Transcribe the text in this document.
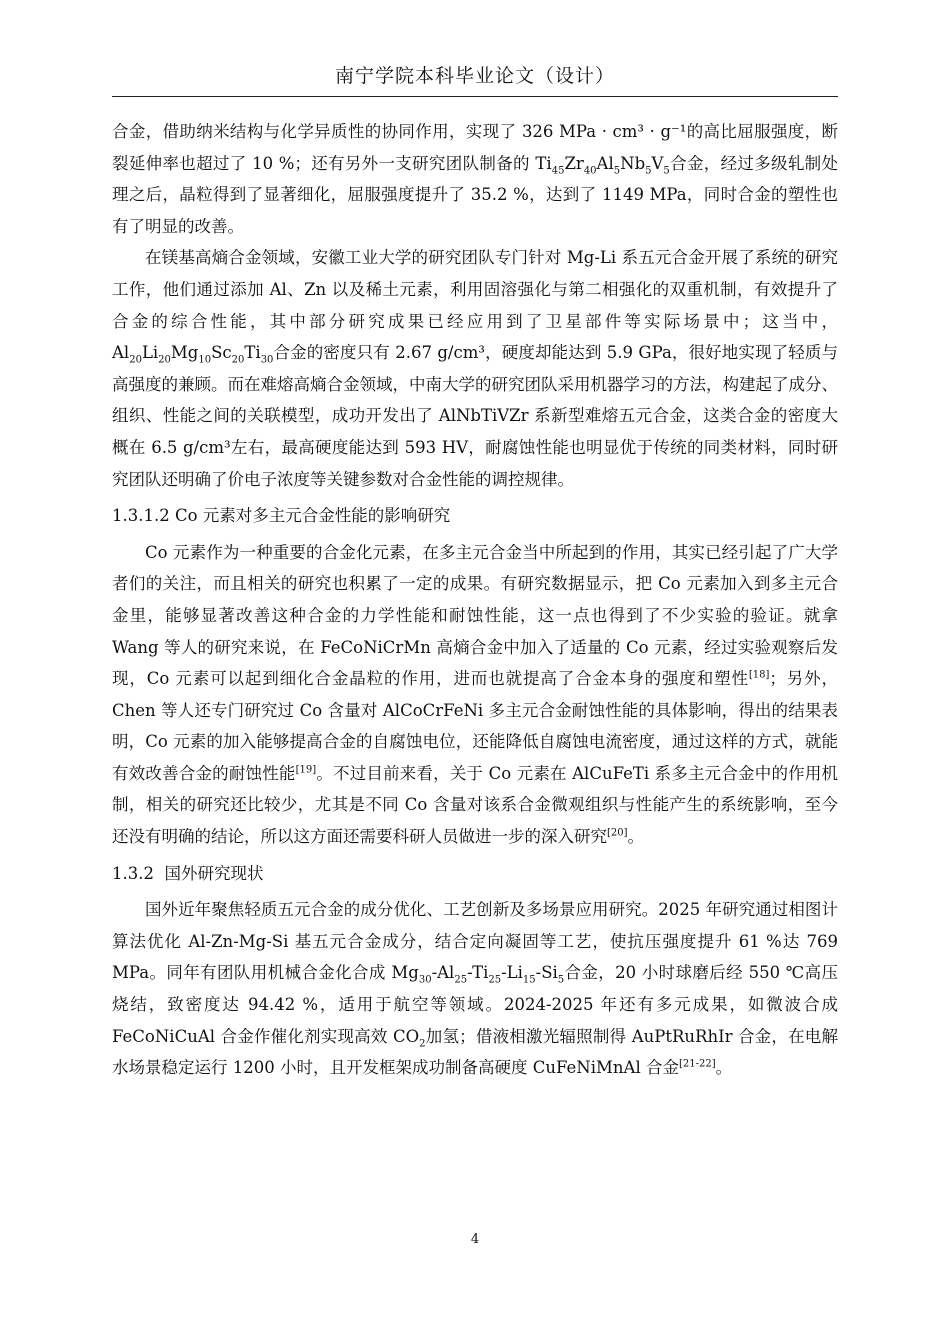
南宁学院本科毕业论文（设计）

合金，借助纳米结构与化学异质性的协同作用，实现了 326 MPa · cm³ · g⁻¹的高比屈服强度，断裂延伸率也超过了 10 %；还有另外一支研究团队制备的 $Ti_{45}Zr_{40}Al_5Nb_5V_5$合金，经过多级轧制处理之后，晶粒得到了显著细化，屈服强度提升了 35.2 %，达到了 1149 MPa，同时合金的塑性也有了明显的改善。

在镁基高熵合金领域，安徽工业大学的研究团队专门针对 Mg-Li 系五元合金开展了系统的研究工作，他们通过添加 Al、Zn 以及稀土元素，利用固溶强化与第二相强化的双重机制，有效提升了合金的综合性能，其中部分研究成果已经应用到了卫星部件等实际场景中；这当中，$Al_{20}Li_{20}Mg_{10}Sc_{20}Ti_{30}$合金的密度只有 2.67 g/cm³，硬度却能达到 5.9 GPa，很好地实现了轻质与高强度的兼顾。而在难熔高熵合金领域，中南大学的研究团队采用机器学习的方法，构建起了成分、组织、性能之间的关联模型，成功开发出了 AlNbTiVZr 系新型难熔五元合金，这类合金的密度大概在 6.5 g/cm³左右，最高硬度能达到 593 HV，耐腐蚀性能也明显优于传统的同类材料，同时研究团队还明确了价电子浓度等关键参数对合金性能的调控规律。

1.3.1.2 Co 元素对多主元合金性能的影响研究

Co 元素作为一种重要的合金化元素，在多主元合金当中所起到的作用，其实已经引起了广大学者们的关注，而且相关的研究也积累了一定的成果。有研究数据显示，把 Co 元素加入到多主元合金里，能够显著改善这种合金的力学性能和耐蚀性能，这一点也得到了不少实验的验证。就拿 Wang 等人的研究来说，在 FeCoNiCrMn 高熵合金中加入了适量的 Co 元素，经过实验观察后发现，Co 元素可以起到细化合金晶粒的作用，进而也就提高了合金本身的强度和塑性[18]；另外，Chen 等人还专门研究过 Co 含量对 AlCoCrFeNi 多主元合金耐蚀性能的具体影响，得出的结果表明，Co 元素的加入能够提高合金的自腐蚀电位，还能降低自腐蚀电流密度，通过这样的方式，就能有效改善合金的耐蚀性能[19]。不过目前来看，关于 Co 元素在 AlCuFeTi 系多主元合金中的作用机制，相关的研究还比较少，尤其是不同 Co 含量对该系合金微观组织与性能产生的系统影响，至今还没有明确的结论，所以这方面还需要科研人员做进一步的深入研究[20]。

1.3.2  国外研究现状

国外近年聚焦轻质五元合金的成分优化、工艺创新及多场景应用研究。2025 年研究通过相图计算法优化 Al-Zn-Mg-Si 基五元合金成分，结合定向凝固等工艺，使抗压强度提升 61 %达 769 MPa。同年有团队用机械合金化合成 $Mg_{30}-Al_{25}-Ti_{25}-Li_{15}-Si_5$合金，20 小时球磨后经 550 ℃高压烧结，致密度达 94.42 %，适用于航空等领域。2024-2025 年还有多元成果，如微波合成 FeCoNiCuAl 合金作催化剂实现高效 $CO_2$加氢；借液相激光辐照制得 AuPtRuRhIr 合金，在电解水场景稳定运行 1200 小时，且开发框架成功制备高硬度 CuFeNiMnAl 合金[21-22]。

4
